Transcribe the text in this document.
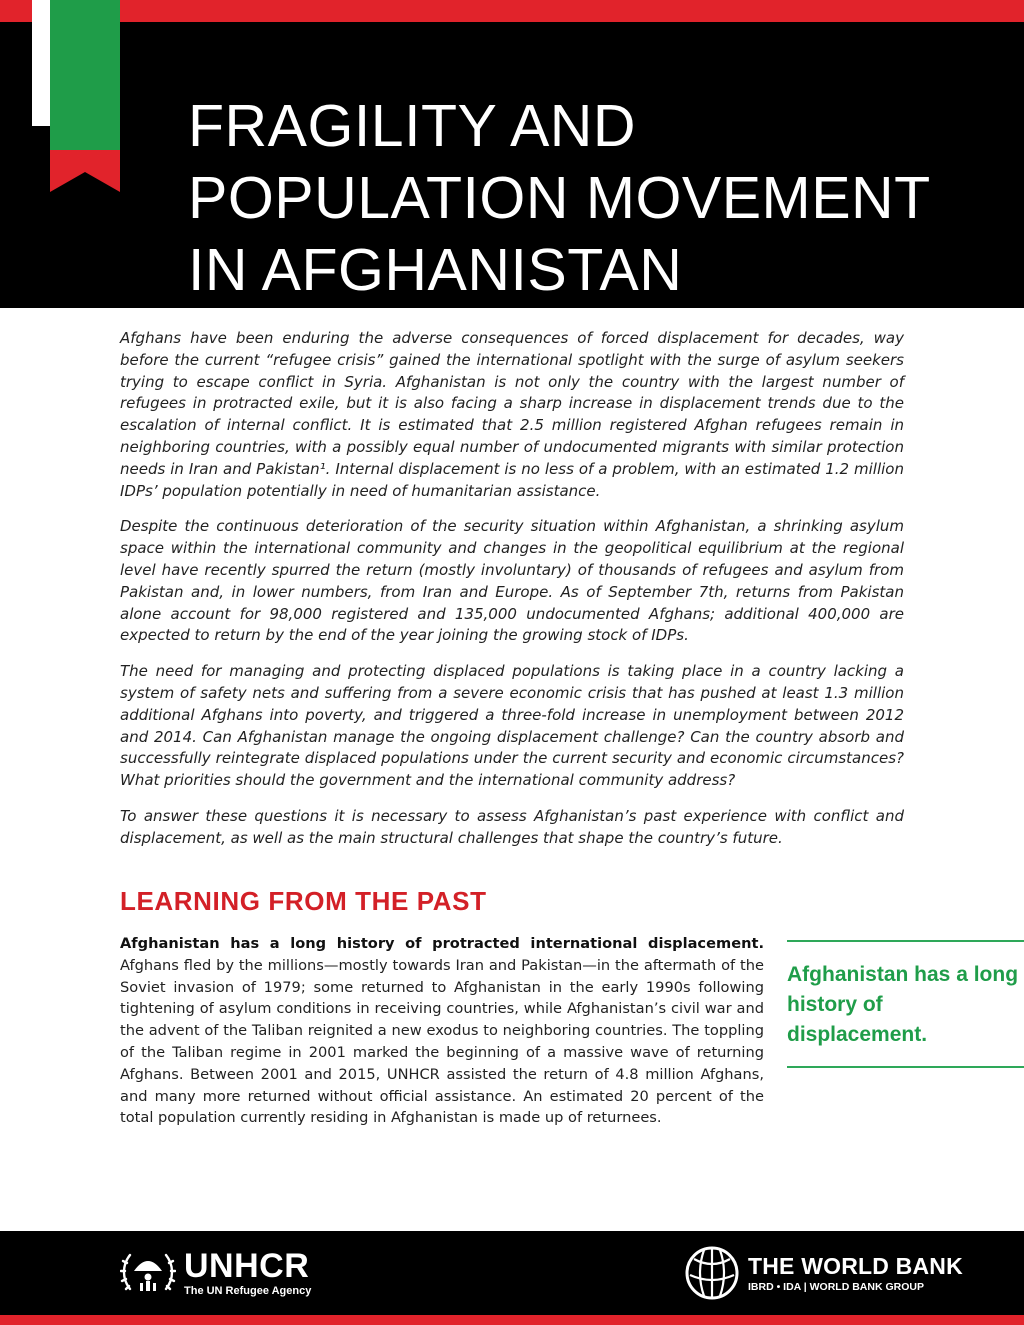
FRAGILITY AND
POPULATION MOVEMENT
IN AFGHANISTAN

Afghans have been enduring the adverse consequences of forced displacement for decades, way before the current “refugee crisis” gained the international spotlight with the surge of asylum seekers trying to escape conflict in Syria. Afghanistan is not only the country with the largest number of refugees in protracted exile, but it is also facing a sharp increase in displacement trends due to the escalation of internal conflict. It is estimated that 2.5 million registered Afghan refugees remain in neighboring countries, with a possibly equal number of undocumented migrants with similar protection needs in Iran and Pakistan¹. Internal displacement is no less of a problem, with an estimated 1.2 million IDPs’ population potentially in need of humanitarian assistance.

Despite the continuous deterioration of the security situation within Afghanistan, a shrinking asylum space within the international community and changes in the geopolitical equilibrium at the regional level have recently spurred the return (mostly involuntary) of thousands of refugees and asylum from Pakistan and, in lower numbers, from Iran and Europe. As of September 7th, returns from Pakistan alone account for 98,000 registered and 135,000 undocumented Afghans; additional 400,000 are expected to return by the end of the year joining the growing stock of IDPs.

The need for managing and protecting displaced populations is taking place in a country lacking a system of safety nets and suffering from a severe economic crisis that has pushed at least 1.3 million additional Afghans into poverty, and triggered a three-fold increase in unemployment between 2012 and 2014. Can Afghanistan manage the ongoing displacement challenge? Can the country absorb and successfully reintegrate displaced populations under the current security and economic circumstances? What priorities should the government and the international community address?

To answer these questions it is necessary to assess Afghanistan’s past experience with conflict and displacement, as well as the main structural challenges that shape the country’s future.

LEARNING FROM THE PAST

Afghanistan has a long history of protracted international displacement. Afghans fled by the millions—mostly towards Iran and Pakistan—in the aftermath of the Soviet invasion of 1979; some returned to Afghanistan in the early 1990s following tightening of asylum conditions in receiving countries, while Afghanistan’s civil war and the advent of the Taliban reignited a new exodus to neighboring countries. The toppling of the Taliban regime in 2001 marked the beginning of a massive wave of returning Afghans. Between 2001 and 2015, UNHCR assisted the return of 4.8 million Afghans, and many more returned without official assistance. An estimated 20 percent of the total population currently residing in Afghanistan is made up of returnees.

Afghanistan has a long history of displacement.
UNHCR
The UN Refugee Agency
THE WORLD BANK
IBRD • IDA | WORLD BANK GROUP
